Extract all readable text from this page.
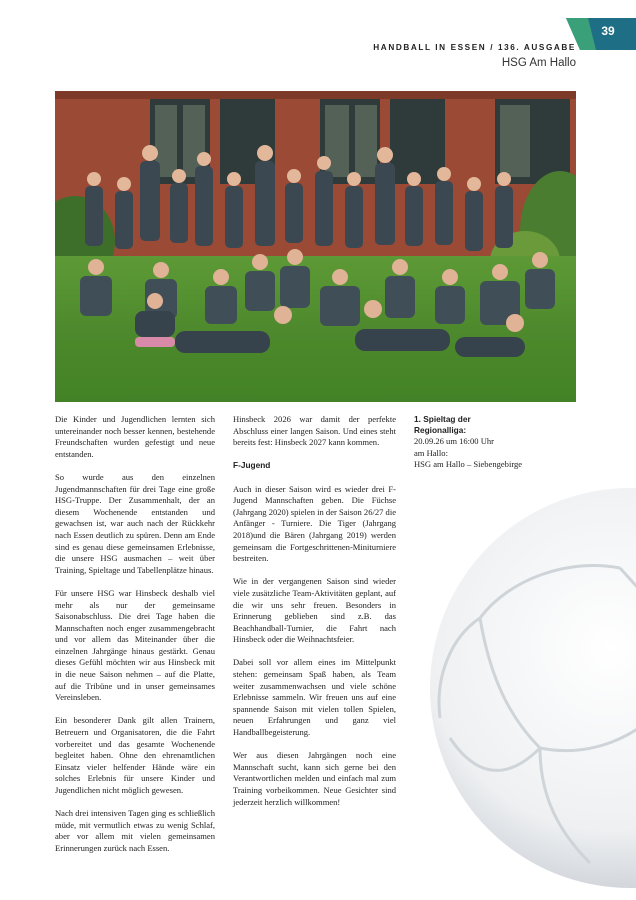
39
HANDBALL IN ESSEN / 136. AUSGABE
HSG Am Hallo

Die Kinder und Jugendlichen lernten sich untereinander noch besser kennen, bestehende Freundschaften wurden gefestigt und neue entstanden.

So wurde aus den einzelnen Jugendmannschaften für drei Tage eine große HSG-Truppe. Der Zusammenhalt, der an diesem Wochenende entstanden und gewachsen ist, war auch nach der Rückkehr nach Essen deutlich zu spüren. Denn am Ende sind es genau diese gemeinsamen Erlebnisse, die unsere HSG ausmachen – weit über Training, Spieltage und Tabellenplätze hinaus.

Für unsere HSG war Hinsbeck deshalb viel mehr als nur der gemeinsame Saisonabschluss. Die drei Tage haben die Mannschaften noch enger zusammengebracht und vor allem das Miteinander über die einzelnen Jahrgänge hinaus gestärkt. Genau dieses Gefühl möchten wir aus Hinsbeck mit in die neue Saison nehmen – auf die Platte, auf die Tribüne und in unser gemeinsames Vereinsleben.

Ein besonderer Dank gilt allen Trainern, Betreuern und Organisatoren, die die Fahrt vorbereitet und das gesamte Wochenende begleitet haben. Ohne den ehrenamtlichen Einsatz vieler helfender Hände wäre ein solches Erlebnis für unsere Kinder und Jugendlichen nicht möglich gewesen.

Nach drei intensiven Tagen ging es schließlich müde, mit vermutlich etwas zu wenig Schlaf, aber vor allem mit vielen gemeinsamen Erinnerungen zurück nach Essen.

Hinsbeck 2026 war damit der perfekte Abschluss einer langen Saison. Und eines steht bereits fest: Hinsbeck 2027 kann kommen.

F-Jugend

Auch in dieser Saison wird es wieder drei F-Jugend Mannschaften geben. Die Füchse (Jahrgang 2020) spielen in der Saison 26/27 die Anfänger - Turniere. Die Tiger (Jahrgang 2018)und die Bären (Jahrgang 2019) werden gemeinsam die Fortgeschrittenen-Miniturniere bestreiten.

Wie in der vergangenen Saison sind wieder viele zusätzliche Team-Aktivitäten geplant, auf die wir uns sehr freuen. Besonders in Erinnerung geblieben sind z.B. das Beachhandball-Turnier, die Fahrt nach Hinsbeck oder die Weihnachtsfeier.

Dabei soll vor allem eines im Mittelpunkt stehen: gemeinsam Spaß haben, als Team weiter zusammenwachsen und viele schöne Erlebnisse sammeln. Wir freuen uns auf eine spannende Saison mit vielen tollen Spielen, neuen Erfahrungen und ganz viel Handballbegeisterung.

Wer aus diesen Jahrgängen noch eine Mannschaft sucht, kann sich gerne bei den Verantwortlichen melden und einfach mal zum Training vorbeikommen. Neue Gesichter sind jederzeit herzlich willkommen!

1. Spieltag der
Regionalliga:
20.09.26 um 16:00 Uhr
am Hallo:
HSG am Hallo – Siebengebirge
